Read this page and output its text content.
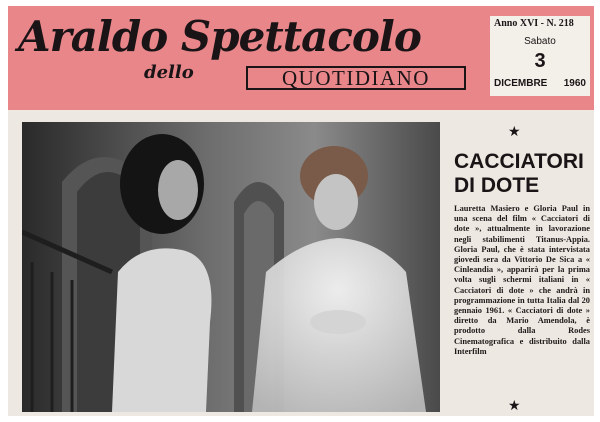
Araldo Spettacolo
dello	QUOTIDIANO
Anno XVI - N. 218
Sabato
3
DICEMBRE 1960
★
CACCIATORI
DI DOTE
Lauretta Masiero e Gloria Paul in una scena del film « Cacciatori di dote », attualmente in lavorazione negli stabilimenti Titanus-Appia. Gloria Paul, che è stata intervistata giovedì sera da Vittorio De Sica a « Cinleandia », apparirà per la prima volta sugli schermi italiani in « Cacciatori di dote » che andrà in programmazione in tutta Italia dal 20 gennaio 1961. « Cacciatori di dote » diretto da Mario Amendola, è prodotto dalla Rodes Cinematografica e distribuito dalla Interfilm
★
